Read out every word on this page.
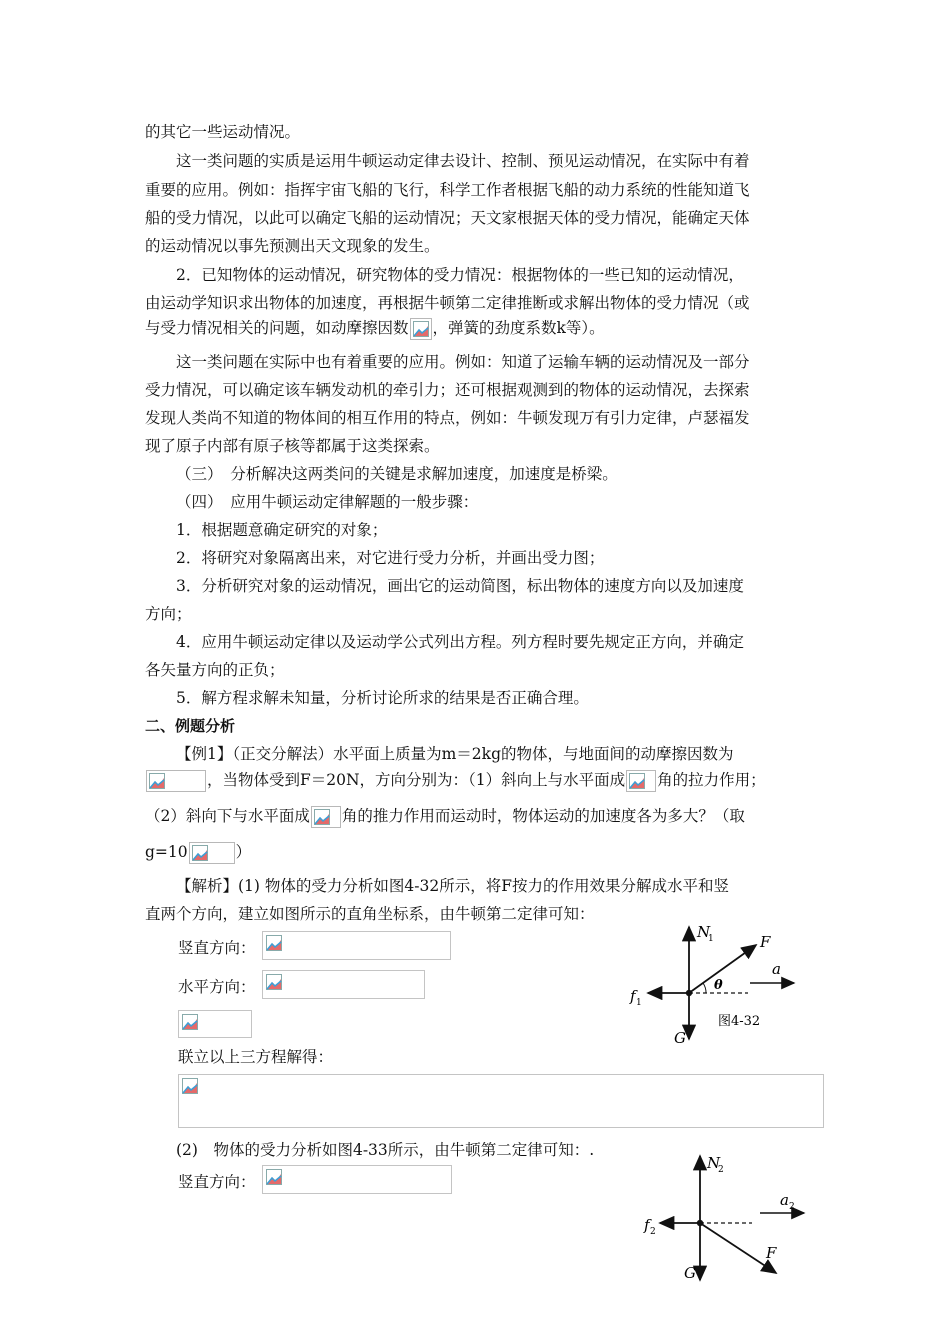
的其它一些运动情况。
这一类问题的实质是运用牛顿运动定律去设计、控制、预见运动情况，在实际中有着
重要的应用。例如：指挥宇宙飞船的飞行，科学工作者根据飞船的动力系统的性能知道飞
船的受力情况，以此可以确定飞船的运动情况；天文家根据天体的受力情况，能确定天体
的运动情况以事先预测出天文现象的发生。
2．已知物体的运动情况，研究物体的受力情况：根据物体的一些已知的运动情况，
由运动学知识求出物体的加速度，再根据牛顿第二定律推断或求解出物体的受力情况（或
与受力情况相关的问题，如动摩擦因数 ，弹簧的劲度系数k等）。
这一类问题在实际中也有着重要的应用。例如：知道了运输车辆的运动情况及一部分
受力情况，可以确定该车辆发动机的牵引力；还可根据观测到的物体的运动情况，去探索
发现人类尚不知道的物体间的相互作用的特点，例如：牛顿发现万有引力定律，卢瑟福发
现了原子内部有原子核等都属于这类探索。
（三）　分析解决这两类问的关键是求解加速度，加速度是桥梁。
（四）　应用牛顿运动定律解题的一般步骤：
1．根据题意确定研究的对象；
2．将研究对象隔离出来，对它进行受力分析，并画出受力图；
3．分析研究对象的运动情况，画出它的运动简图，标出物体的速度方向以及加速度
方向；
4．应用牛顿运动定律以及运动学公式列出方程。列方程时要先规定正方向，并确定
各矢量方向的正负；
5．解方程求解未知量，分析讨论所求的结果是否正确合理。
二、例题分析
【例1】（正交分解法）水平面上质量为m＝2kg的物体，与地面间的动摩擦因数为
，当物体受到F＝20N，方向分别为：（1）斜向上与水平面成 角的拉力作用；
（2）斜向下与水平面成 角的推力作用而运动时，物体运动的加速度各为多大？（取
g=10	）
【解析】(1) 物体的受力分析如图4-32所示，将F按力的作用效果分解成水平和竖
直两个方向，建立如图所示的直角坐标系，由牛顿第二定律可知：
竖直方向：
水平方向：
联立以上三方程解得：
(2)　物体的受力分析如图4-33所示，由牛顿第二定律可知：.
竖直方向：
N
1	F
a
f 1
θ
G
图4-32
N
2
a 2
f 2
F
G
